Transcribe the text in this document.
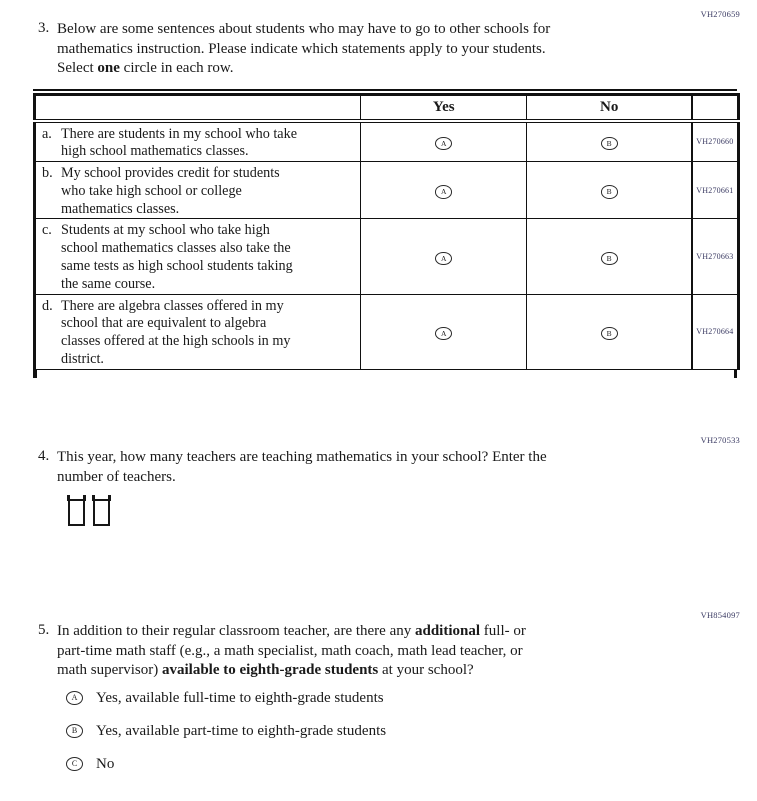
VH270659
3. Below are some sentences about students who may have to go to other schools for
mathematics instruction. Please indicate which statements apply to your students.
Select one circle in each row.
	Yes	No	

a. There are students in my school who take
high school mathematics classes.	A	B	VH270660

b. My school provides credit for students
who take high school or college
mathematics classes.	A	B	VH270661

c. Students at my school who take high
school mathematics classes also take the
same tests as high school students taking
the same course.	A	B	VH270663

d. There are algebra classes offered in my
school that are equivalent to algebra
classes offered at the high schools in my
district.	A	B	VH270664
VH270533
4. This year, how many teachers are teaching mathematics in your school? Enter the
number of teachers.
VH854097
5. In addition to their regular classroom teacher, are there any additional full- or
part-time math staff (e.g., a math specialist, math coach, math lead teacher, or
math supervisor) available to eighth-grade students at your school?
A	Yes, available full-time to eighth-grade students
B	Yes, available part-time to eighth-grade students
C	No
